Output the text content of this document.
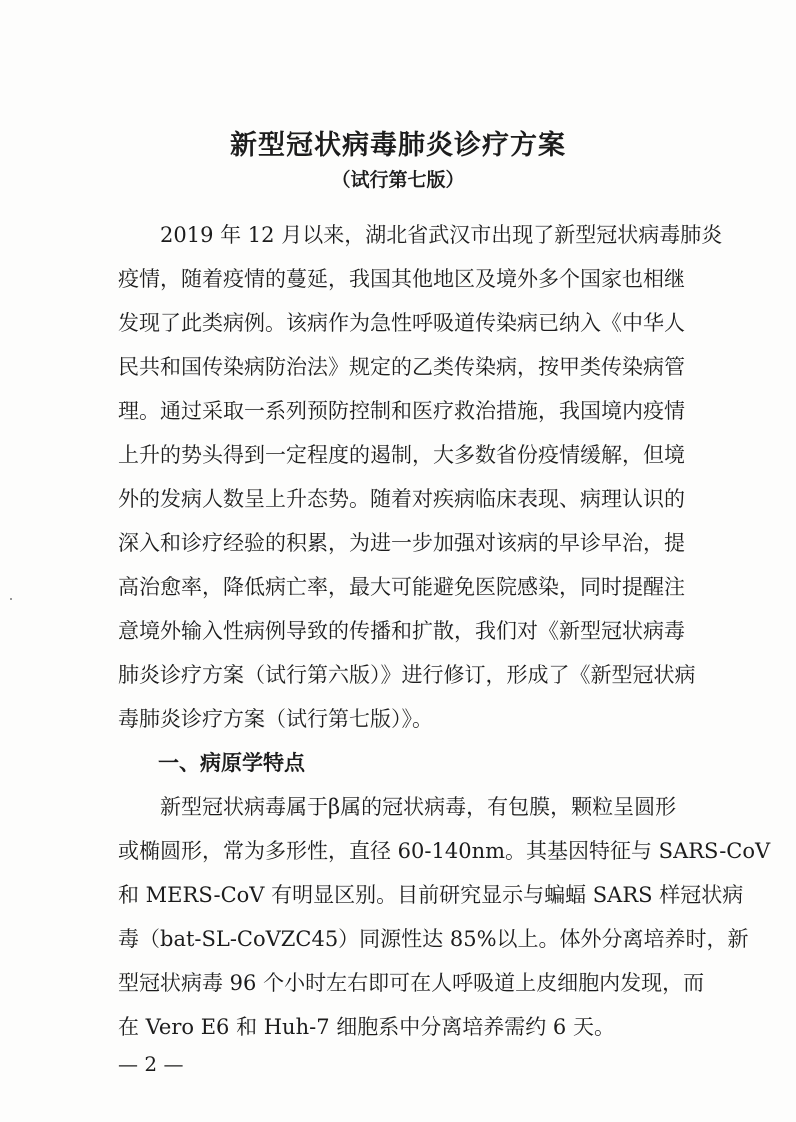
新型冠状病毒肺炎诊疗方案
（试行第七版）
　　2019 年 12 月以来，湖北省武汉市出现了新型冠状病毒肺炎
疫情，随着疫情的蔓延，我国其他地区及境外多个国家也相继
发现了此类病例。该病作为急性呼吸道传染病已纳入《中华人
民共和国传染病防治法》规定的乙类传染病，按甲类传染病管
理。通过采取一系列预防控制和医疗救治措施，我国境内疫情
上升的势头得到一定程度的遏制，大多数省份疫情缓解，但境
外的发病人数呈上升态势。随着对疾病临床表现、病理认识的
深入和诊疗经验的积累，为进一步加强对该病的早诊早治，提
高治愈率，降低病亡率，最大可能避免医院感染，同时提醒注
意境外输入性病例导致的传播和扩散，我们对《新型冠状病毒
肺炎诊疗方案（试行第六版）》进行修订，形成了《新型冠状病
毒肺炎诊疗方案（试行第七版）》。
一、病原学特点
　　新型冠状病毒属于β属的冠状病毒，有包膜，颗粒呈圆形
或椭圆形，常为多形性，直径 60-140nm。其基因特征与 SARS-CoV
和 MERS-CoV 有明显区别。目前研究显示与蝙蝠 SARS 样冠状病
毒（bat-SL-CoVZC45）同源性达 85%以上。体外分离培养时，新
型冠状病毒 96 个小时左右即可在人呼吸道上皮细胞内发现，而
在 Vero E6 和 Huh-7 细胞系中分离培养需约 6 天。
— 2 —
